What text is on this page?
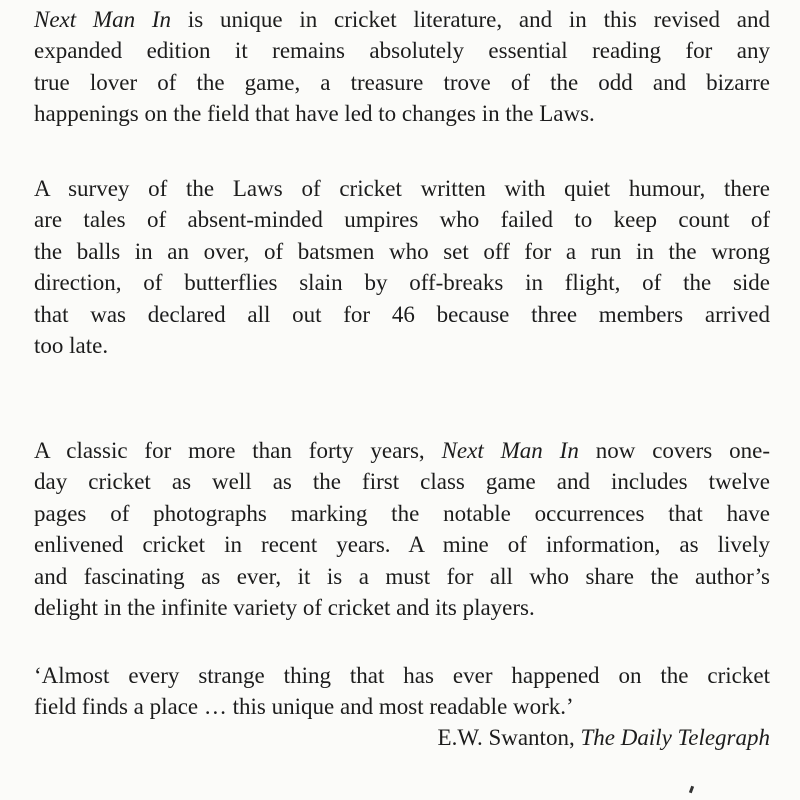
Next Man In is unique in cricket literature, and in this revised and
expanded edition it remains absolutely essential reading for any
true lover of the game, a treasure trove of the odd and bizarre
happenings on the field that have led to changes in the Laws.

A survey of the Laws of cricket written with quiet humour, there
are tales of absent-minded umpires who failed to keep count of
the balls in an over, of batsmen who set off for a run in the wrong
direction, of butterflies slain by off-breaks in flight, of the side
that was declared all out for 46 because three members arrived
too late.

A classic for more than forty years, Next Man In now covers one-
day cricket as well as the first class game and includes twelve
pages of photographs marking the notable occurrences that have
enlivened cricket in recent years. A mine of information, as lively
and fascinating as ever, it is a must for all who share the author’s
delight in the infinite variety of cricket and its players.

‘Almost every strange thing that has ever happened on the cricket
field finds a place … this unique and most readable work.’

E.W. Swanton, The Daily Telegraph
